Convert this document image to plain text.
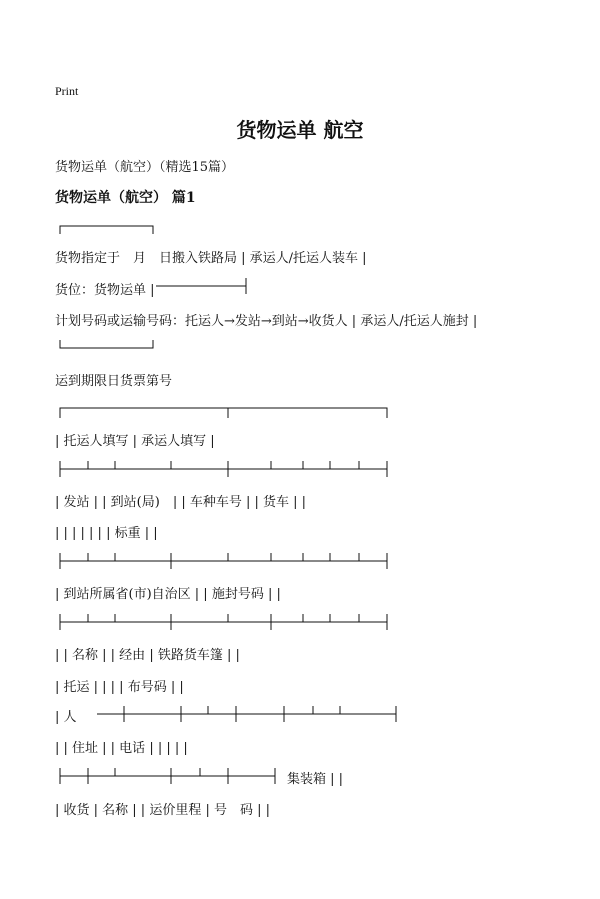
Print
货物运单 航空
货物运单（航空）（精选15篇）
货物运单（航空） 篇1
货物指定于　月　日搬入铁路局 | 承运人/托运人装车 |
货位：货物运单 |
计划号码或运输号码：托运人→发站→到站→收货人 | 承运人/托运人施封 |
运到期限日货票第号
| 托运人填写 | 承运人填写 |
| 发站 | | 到站(局)　| | 车种车号 | | 货车 | |
| | | | | | | 标重 | |
| 到站所属省(市)自治区 | | 施封号码 | |
| | 名称 | | 经由 | 铁路货车篷 | |
| 托运 | | | | 布号码 | |
| 人
| | 住址 | | 电话 | | | | |
集装箱 | |
| 收货 | 名称 | | 运价里程 | 号　码 | |
